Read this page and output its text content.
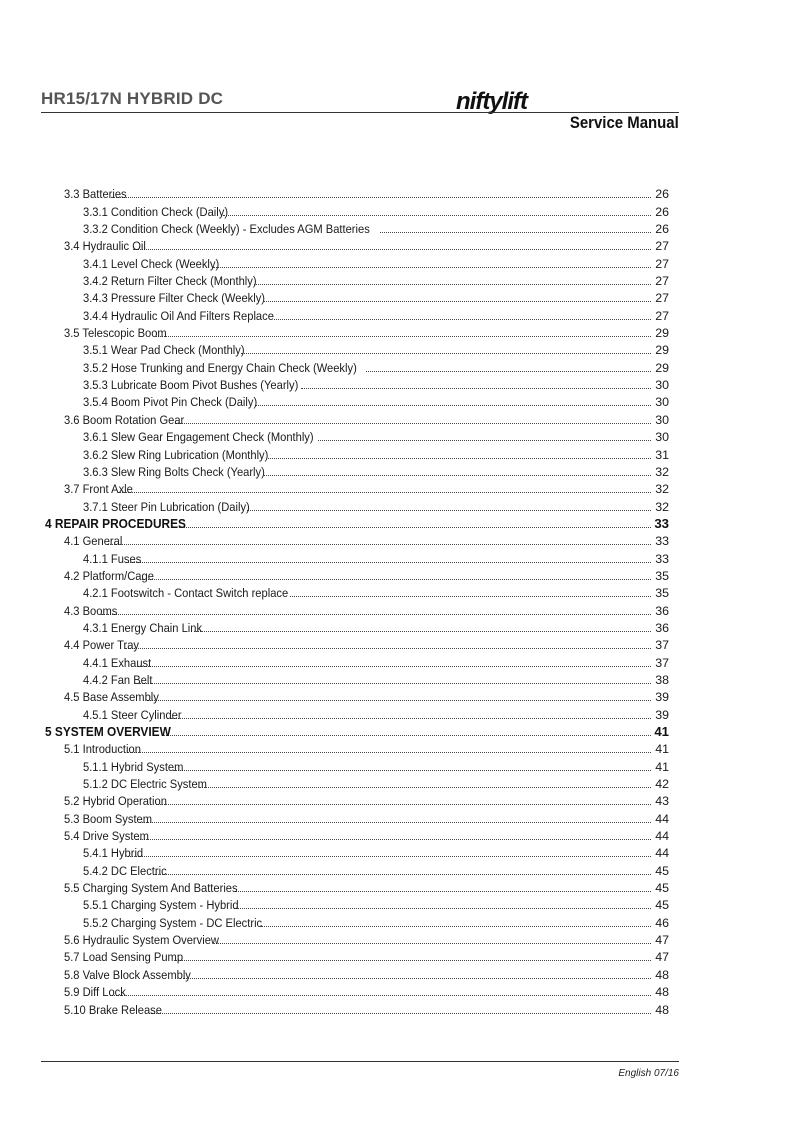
HR15/17N HYBRID DC	niftylift
Service Manual
3.3 Batteries	26
3.3.1 Condition Check (Daily)	26
3.3.2 Condition Check (Weekly) - Excludes AGM Batteries	26
3.4 Hydraulic Oil	27
3.4.1 Level Check (Weekly)	27
3.4.2 Return Filter Check (Monthly)	27
3.4.3 Pressure Filter Check (Weekly)	27
3.4.4 Hydraulic Oil And Filters Replace	27
3.5 Telescopic Boom	29
3.5.1 Wear Pad Check (Monthly)	29
3.5.2 Hose Trunking and Energy Chain Check (Weekly)	29
3.5.3 Lubricate Boom Pivot Bushes (Yearly)	30
3.5.4 Boom Pivot Pin Check (Daily)	30
3.6 Boom Rotation Gear	30
3.6.1 Slew Gear Engagement Check (Monthly)	30
3.6.2 Slew Ring Lubrication (Monthly)	31
3.6.3 Slew Ring Bolts Check (Yearly)	32
3.7 Front Axle	32
3.7.1 Steer Pin Lubrication (Daily)	32
4 REPAIR PROCEDURES	33
4.1 General	33
4.1.1 Fuses	33
4.2 Platform/Cage	35
4.2.1 Footswitch - Contact Switch replace	35
4.3 Booms	36
4.3.1 Energy Chain Link	36
4.4 Power Tray	37
4.4.1 Exhaust	37
4.4.2 Fan Belt	38
4.5 Base Assembly	39
4.5.1 Steer Cylinder	39
5 SYSTEM OVERVIEW	41
5.1 Introduction	41
5.1.1 Hybrid System	41
5.1.2 DC Electric System	42
5.2 Hybrid Operation	43
5.3 Boom System	44
5.4 Drive System	44
5.4.1 Hybrid	44
5.4.2 DC Electric	45
5.5 Charging System And Batteries	45
5.5.1 Charging System - Hybrid	45
5.5.2 Charging System - DC Electric	46
5.6 Hydraulic System Overview	47
5.7 Load Sensing Pump	47
5.8 Valve Block Assembly	48
5.9 Diff Lock	48
5.10 Brake Release	48
English 07/16
